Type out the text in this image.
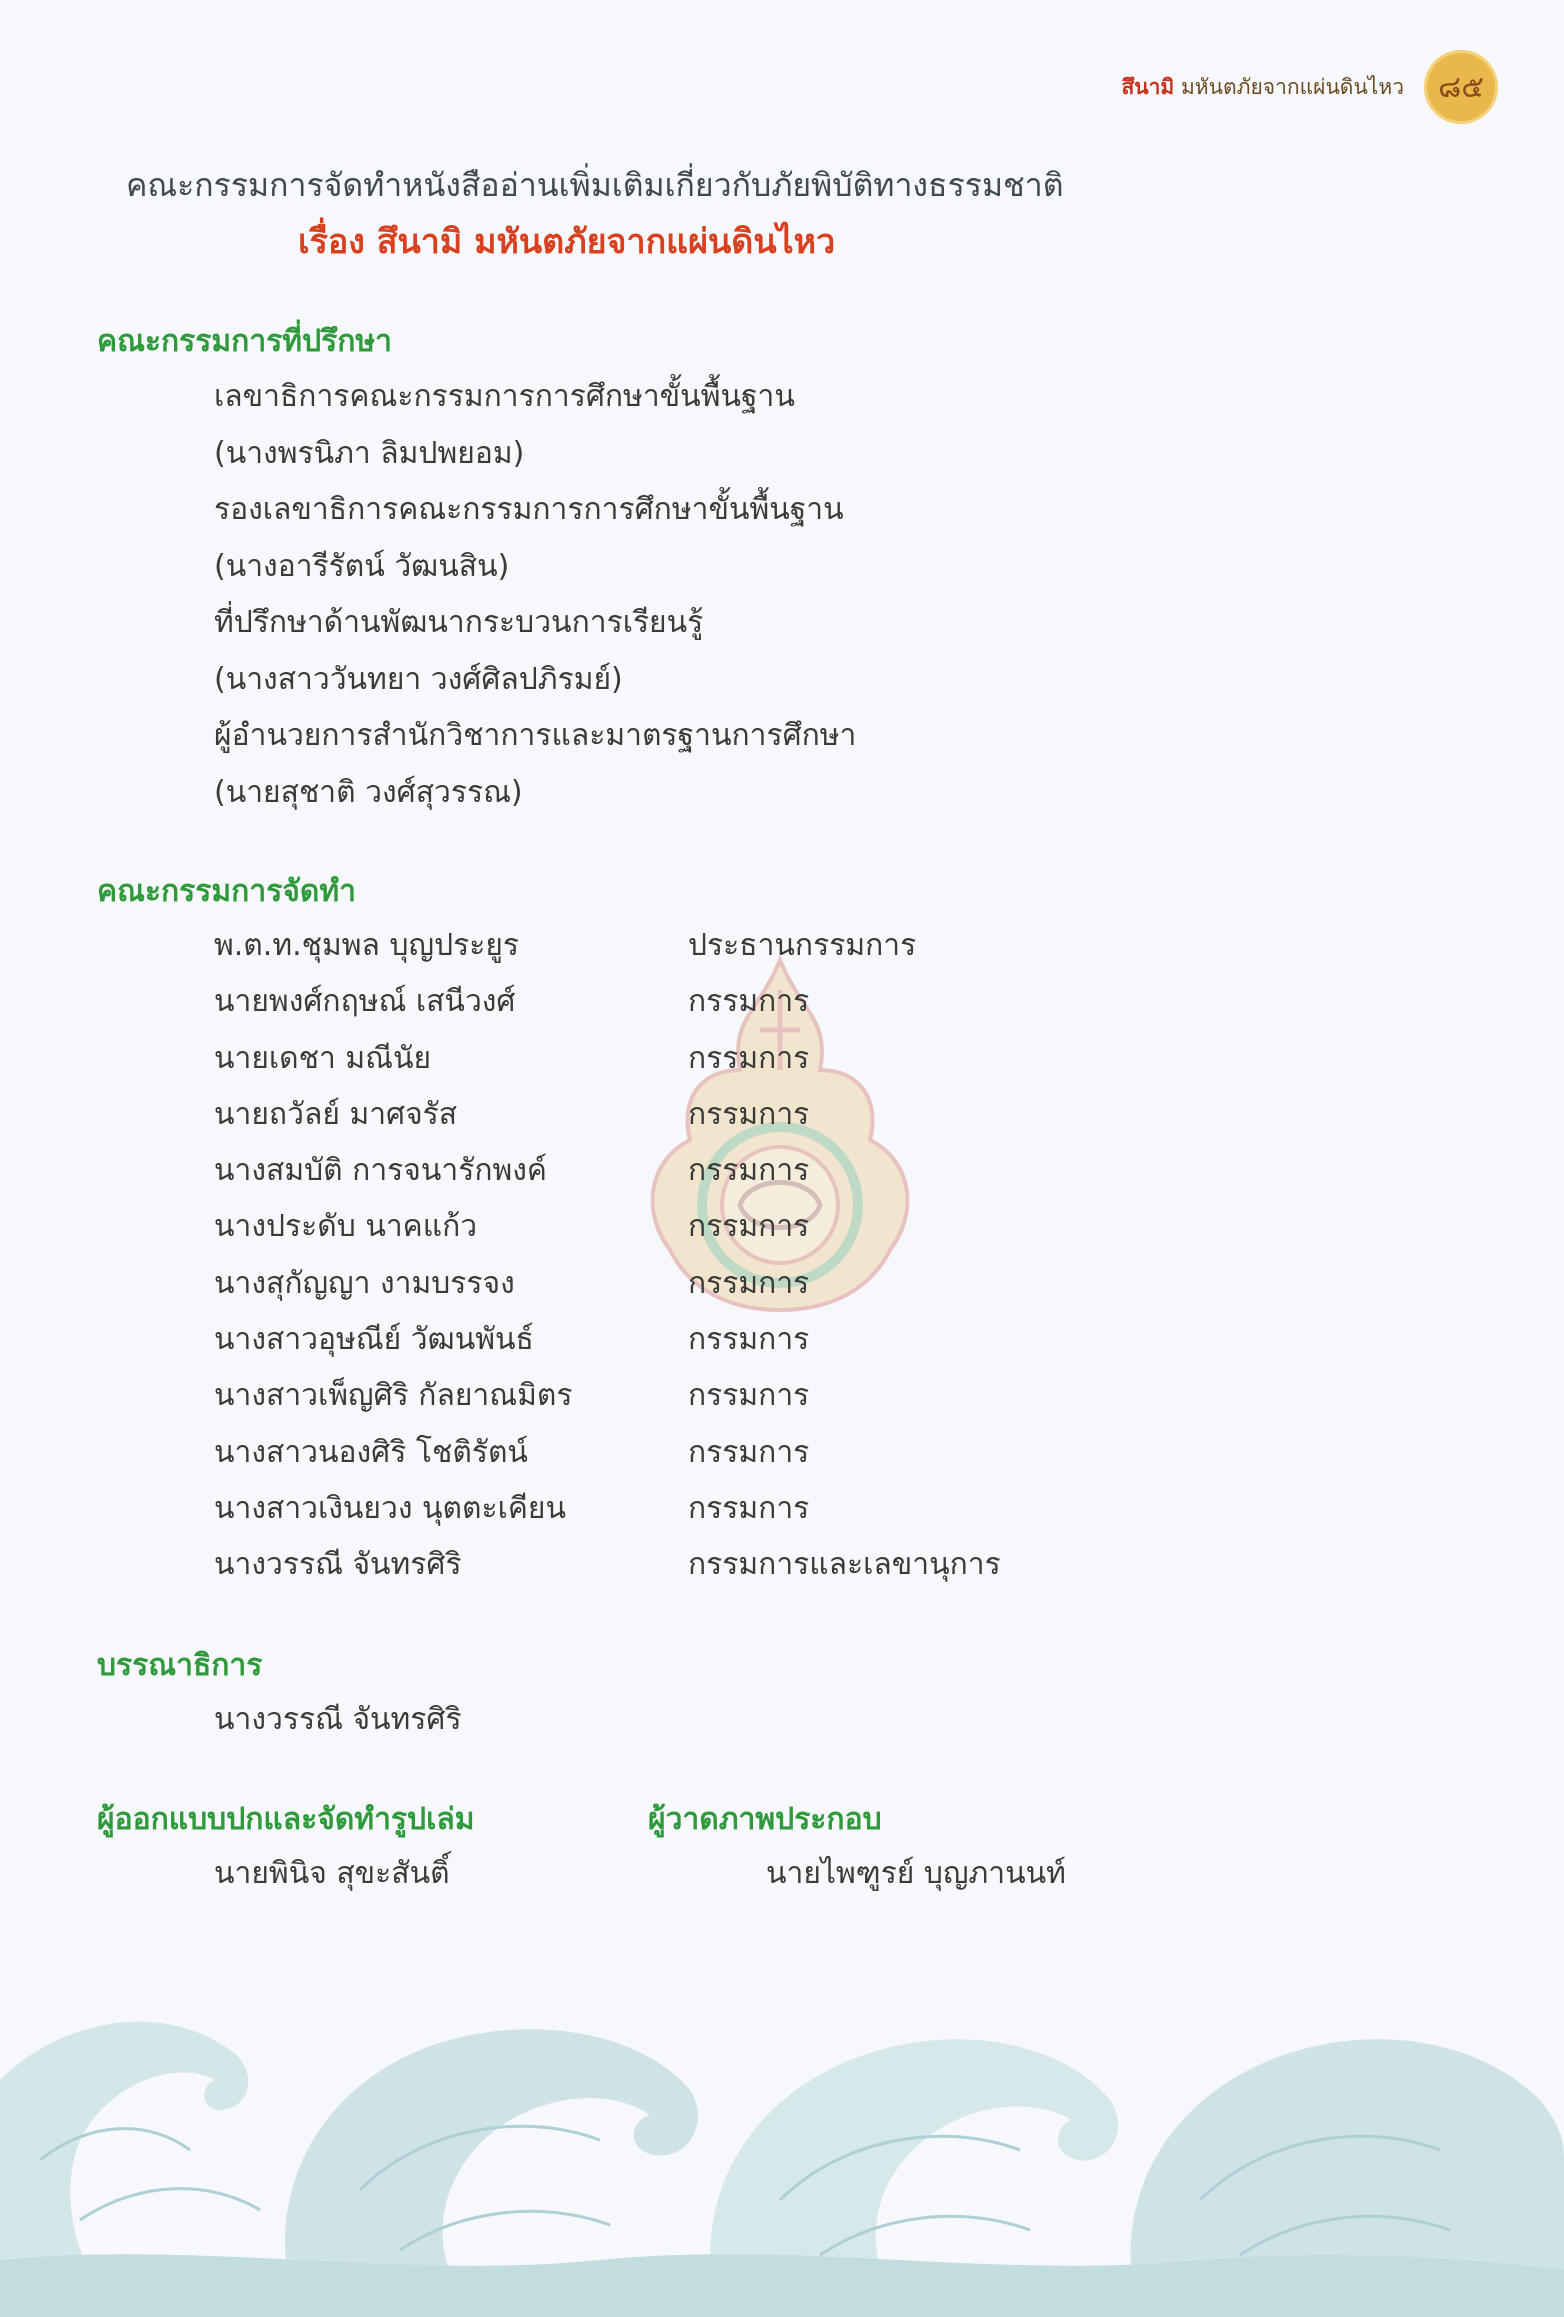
สึนามิ มหันตภัยจากแผ่นดินไหว ๘๕
คณะกรรมการจัดทำหนังสืออ่านเพิ่มเติมเกี่ยวกับภัยพิบัติทางธรรมชาติ
เรื่อง สึนามิ มหันตภัยจากแผ่นดินไหว
คณะกรรมการที่ปรึกษา
เลขาธิการคณะกรรมการการศึกษาขั้นพื้นฐาน
(นางพรนิภา ลิมปพยอม)
รองเลขาธิการคณะกรรมการการศึกษาขั้นพื้นฐาน
(นางอารีรัตน์ วัฒนสิน)
ที่ปรึกษาด้านพัฒนากระบวนการเรียนรู้
(นางสาววันทยา วงศ์ศิลปภิรมย์)
ผู้อำนวยการสำนักวิชาการและมาตรฐานการศึกษา
(นายสุชาติ วงศ์สุวรรณ)
คณะกรรมการจัดทำ
พ.ต.ท.ชุมพล บุญประยูร	ประธานกรรมการ
นายพงศ์กฤษณ์ เสนีวงศ์	กรรมการ
นายเดชา มณีนัย	กรรมการ
นายถวัลย์ มาศจรัส	กรรมการ
นางสมบัติ การจนารักพงค์	กรรมการ
นางประดับ นาคแก้ว	กรรมการ
นางสุกัญญา งามบรรจง	กรรมการ
นางสาวอุษณีย์ วัฒนพันธ์	กรรมการ
นางสาวเพ็ญศิริ กัลยาณมิตร	กรรมการ
นางสาวนองศิริ โชติรัตน์	กรรมการ
นางสาวเงินยวง นุตตะเคียน	กรรมการ
นางวรรณี จันทรศิริ	กรรมการและเลขานุการ
บรรณาธิการ
นางวรรณี จันทรศิริ
ผู้ออกแบบปกและจัดทำรูปเล่ม
นายพินิจ สุขะสันติ์
ผู้วาดภาพประกอบ
นายไพฑูรย์ บุญภานนท์
